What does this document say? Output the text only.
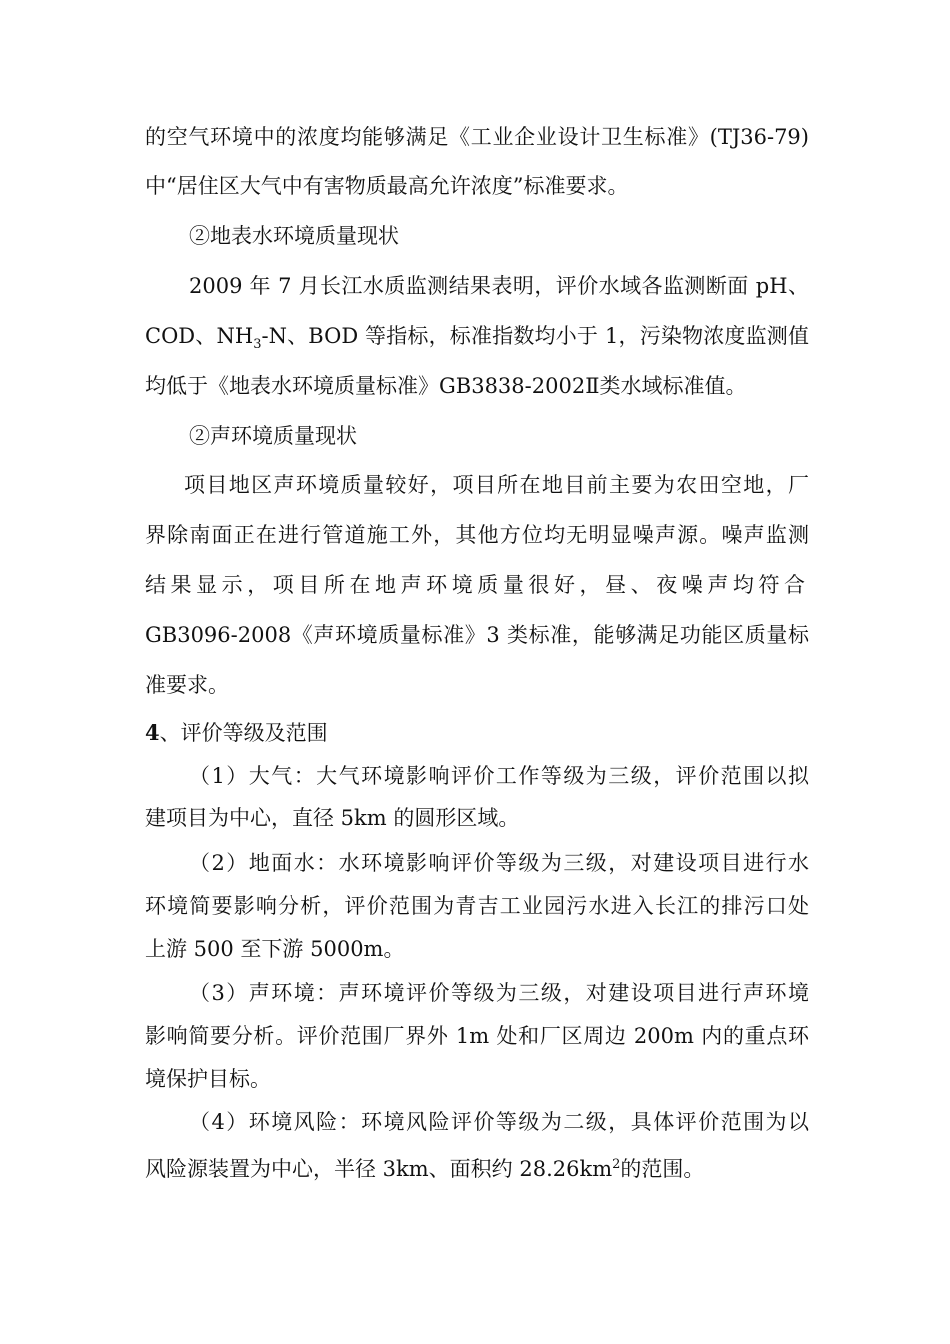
的空气环境中的浓度均能够满足《工业企业设计卫生标准》(TJ36-79)
中“居住区大气中有害物质最高允许浓度”标准要求。
②地表水环境质量现状
2009 年 7 月长江水质监测结果表明，评价水域各监测断面 pH、
COD、$NH_3-N$、BOD 等指标，标准指数均小于 1，污染物浓度监测值
均低于《地表水环境质量标准》GB3838-2002Ⅱ类水域标准值。
②声环境质量现状
项目地区声环境质量较好，项目所在地目前主要为农田空地，厂
界除南面正在进行管道施工外，其他方位均无明显噪声源。噪声监测
结果显示，项目所在地声环境质量很好，昼、夜噪声均符合
GB3096-2008《声环境质量标准》3 类标准，能够满足功能区质量标
准要求。
4、评价等级及范围
（1）大气：大气环境影响评价工作等级为三级，评价范围以拟
建项目为中心，直径 5km 的圆形区域。
（2）地面水：水环境影响评价等级为三级，对建设项目进行水
环境简要影响分析，评价范围为青吉工业园污水进入长江的排污口处
上游 500 至下游 5000m。
（3）声环境：声环境评价等级为三级，对建设项目进行声环境
影响简要分析。评价范围厂界外 1m 处和厂区周边 200m 内的重点环
境保护目标。
（4）环境风险：环境风险评价等级为二级，具体评价范围为以
风险源装置为中心，半径 3km、面积约 $28.26km^2$的范围。
